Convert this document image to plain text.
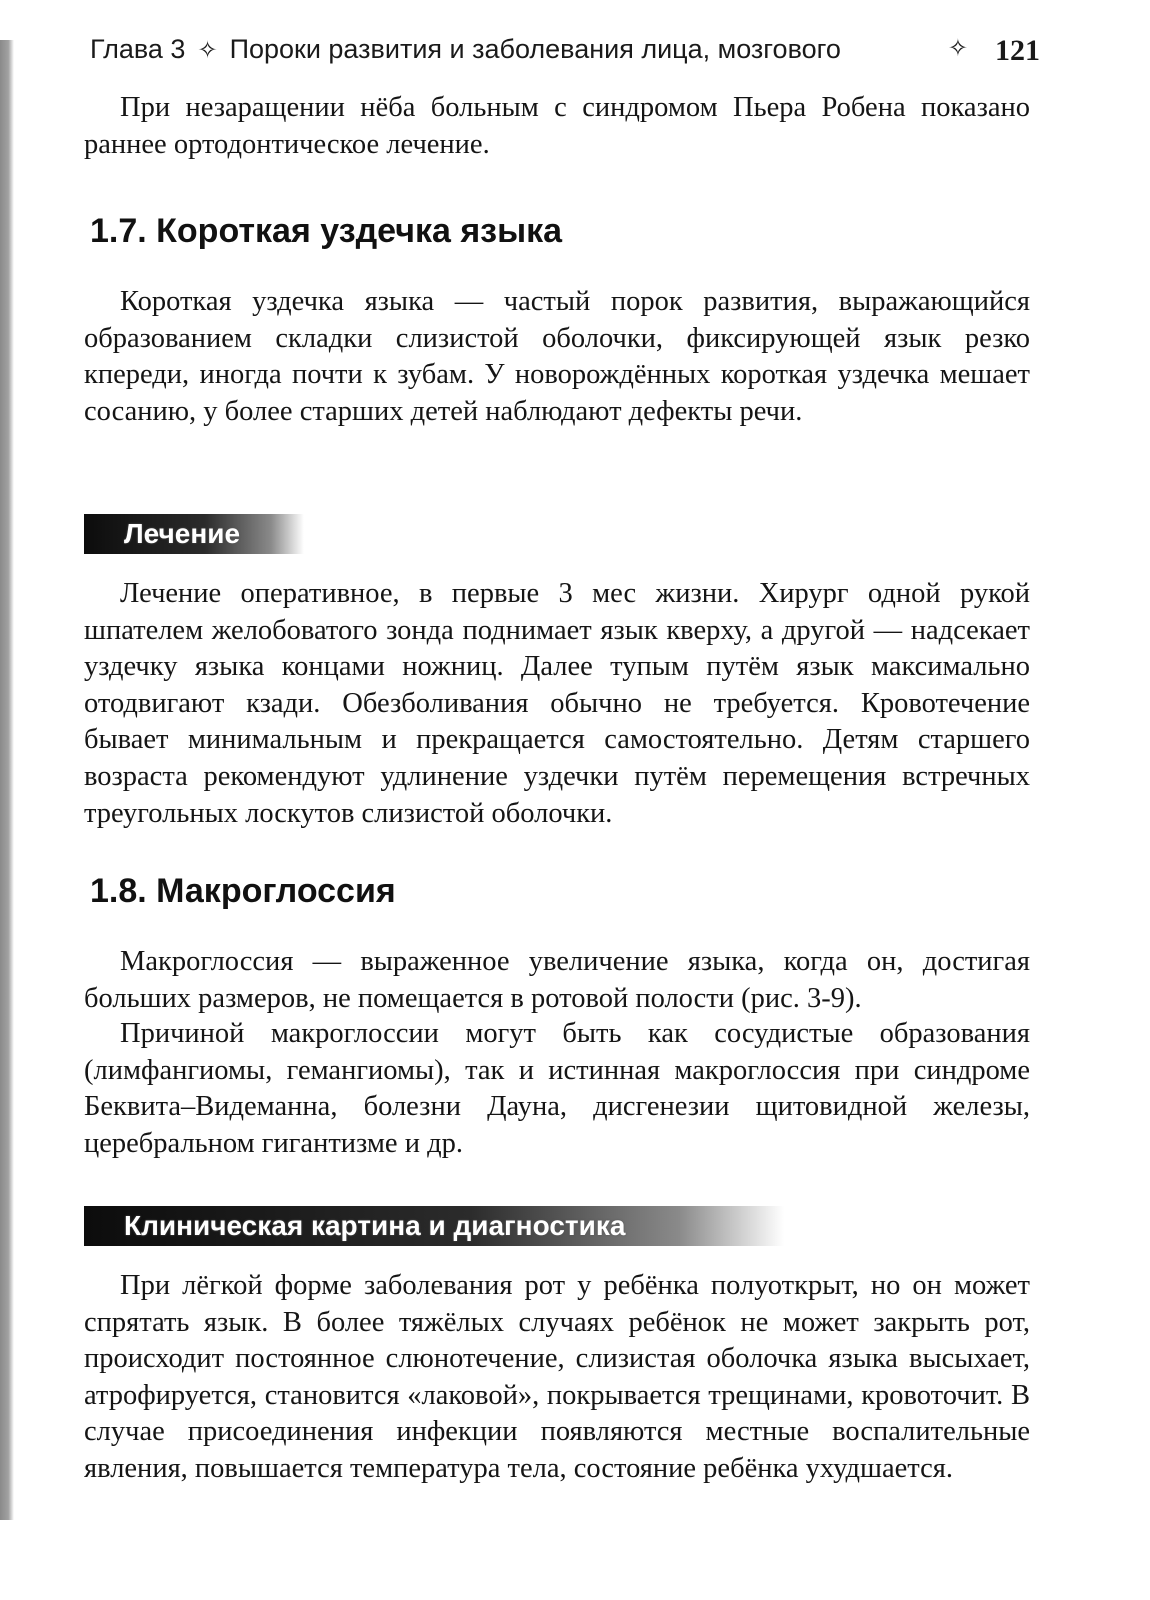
Глава 3 ✧ Пороки развития и заболевания лица, мозгового	✧ 121

При незаращении нёба больным с синдромом Пьера Робена показано раннее ортодонтическое лечение.

1.7. Короткая уздечка языка

Короткая уздечка языка — частый порок развития, выражающийся образованием складки слизистой оболочки, фиксирующей язык резко кпереди, иногда почти к зубам. У новорождённых короткая уздечка мешает сосанию, у более старших детей наблюдают дефекты речи.

Лечение

Лечение оперативное, в первые 3 мес жизни. Хирург одной рукой шпателем желобоватого зонда поднимает язык кверху, а другой — надсекает уздечку языка концами ножниц. Далее тупым путём язык максимально отодвигают кзади. Обезболивания обычно не требуется. Кровотечение бывает минимальным и прекращается самостоятельно. Детям старшего возраста рекомендуют удлинение уздечки путём перемещения встречных треугольных лоскутов слизистой оболочки.

1.8. Макроглоссия

Макроглоссия — выраженное увеличение языка, когда он, достигая больших размеров, не помещается в ротовой полости (рис. 3-9).

Причиной макроглоссии могут быть как сосудистые образования (лимфангиомы, гемангиомы), так и истинная макроглоссия при синдроме Беквита–Видеманна, болезни Дауна, дисгенезии щитовидной железы, церебральном гигантизме и др.

Клиническая картина и диагностика

При лёгкой форме заболевания рот у ребёнка полуоткрыт, но он может спрятать язык. В более тяжёлых случаях ребёнок не может закрыть рот, происходит постоянное слюнотечение, слизистая оболочка языка высыхает, атрофируется, становится «лаковой», покрывается трещинами, кровоточит. В случае присоединения инфекции появляются местные воспалительные явления, повышается температура тела, состояние ребёнка ухудшается.
